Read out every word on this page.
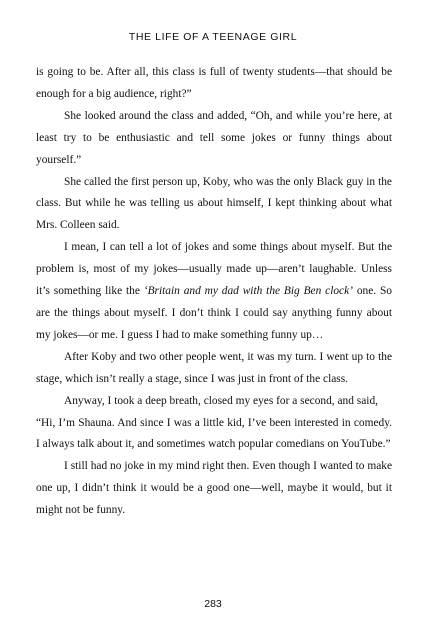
THE LIFE OF A TEENAGE GIRL

is going to be. After all, this class is full of twenty students—that should be enough for a big audience, right?”

She looked around the class and added, “Oh, and while you’re here, at least try to be enthusiastic and tell some jokes or funny things about yourself.”

She called the first person up, Koby, who was the only Black guy in the class. But while he was telling us about himself, I kept thinking about what Mrs. Colleen said.

I mean, I can tell a lot of jokes and some things about myself. But the problem is, most of my jokes—usually made up—aren’t laughable. Unless it’s something like the ‘Britain and my dad with the Big Ben clock’ one. So are the things about myself. I don’t think I could say anything funny about my jokes—or me. I guess I had to make something funny up…

After Koby and two other people went, it was my turn. I went up to the stage, which isn’t really a stage, since I was just in front of the class.

Anyway, I took a deep breath, closed my eyes for a second, and said,

“Hi, I’m Shauna. And since I was a little kid, I’ve been interested in comedy. I always talk about it, and sometimes watch popular comedians on YouTube.”

I still had no joke in my mind right then. Even though I wanted to make one up, I didn’t think it would be a good one—well, maybe it would, but it might not be funny.

283
